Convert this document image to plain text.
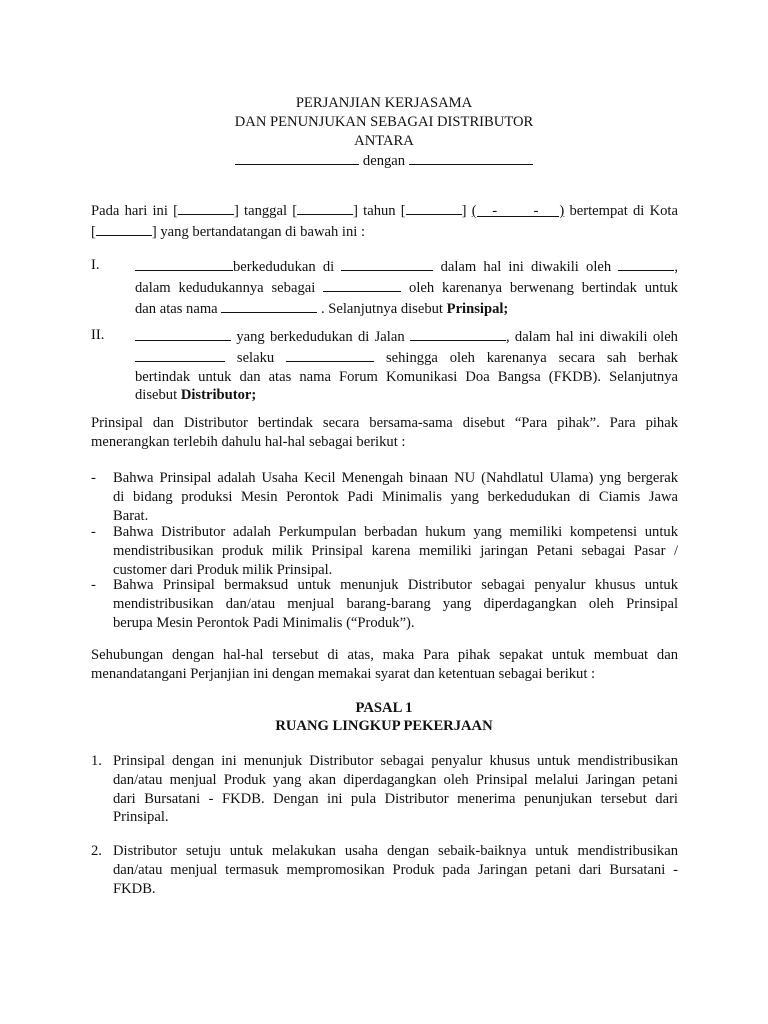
PERJANJIAN KERJASAMA
DAN PENUNJUKAN SEBAGAI DISTRIBUTOR
ANTARA
dengan
Pada hari ini [	] tanggal [	] tahun [	] (   -       -    ) bertempat di Kota
[	] yang bertandatangan di bawah ini :
I.	berkedudukan di	dalam hal ini diwakili oleh	,
dalam kedudukannya sebagai	oleh karenanya berwenang bertindak untuk
dan atas nama	. Selanjutnya disebut Prinsipal;
II.	yang berkedudukan di Jalan	, dalam hal ini diwakili oleh
selaku	sehingga oleh karenanya secara sah berhak
bertindak untuk dan atas nama Forum Komunikasi Doa Bangsa (FKDB). Selanjutnya
disebut Distributor;
Prinsipal dan Distributor bertindak secara bersama-sama disebut “Para pihak”. Para pihak
menerangkan terlebih dahulu hal-hal sebagai berikut :
- Bahwa Prinsipal adalah Usaha Kecil Menengah binaan NU (Nahdlatul Ulama) yng bergerak
di bidang produksi Mesin Perontok Padi Minimalis yang berkedudukan di Ciamis Jawa
Barat.
- Bahwa Distributor adalah Perkumpulan berbadan hukum yang memiliki kompetensi untuk
mendistribusikan produk milik Prinsipal karena memiliki jaringan Petani sebagai Pasar /
customer dari Produk milik Prinsipal.
- Bahwa Prinsipal bermaksud untuk menunjuk Distributor sebagai penyalur khusus untuk
mendistribusikan dan/atau menjual barang-barang yang diperdagangkan oleh Prinsipal
berupa Mesin Perontok Padi Minimalis (“Produk”).
Sehubungan dengan hal-hal tersebut di atas, maka Para pihak sepakat untuk membuat dan
menandatangani Perjanjian ini dengan memakai syarat dan ketentuan sebagai berikut :
PASAL 1
RUANG LINGKUP PEKERJAAN
1. Prinsipal dengan ini menunjuk Distributor sebagai penyalur khusus untuk mendistribusikan
dan/atau menjual Produk yang akan diperdagangkan oleh Prinsipal melalui Jaringan petani
dari Bursatani - FKDB. Dengan ini pula Distributor menerima penunjukan tersebut dari
Prinsipal.
2. Distributor setuju untuk melakukan usaha dengan sebaik-baiknya untuk mendistribusikan
dan/atau menjual termasuk mempromosikan Produk pada Jaringan petani dari Bursatani -
FKDB.
